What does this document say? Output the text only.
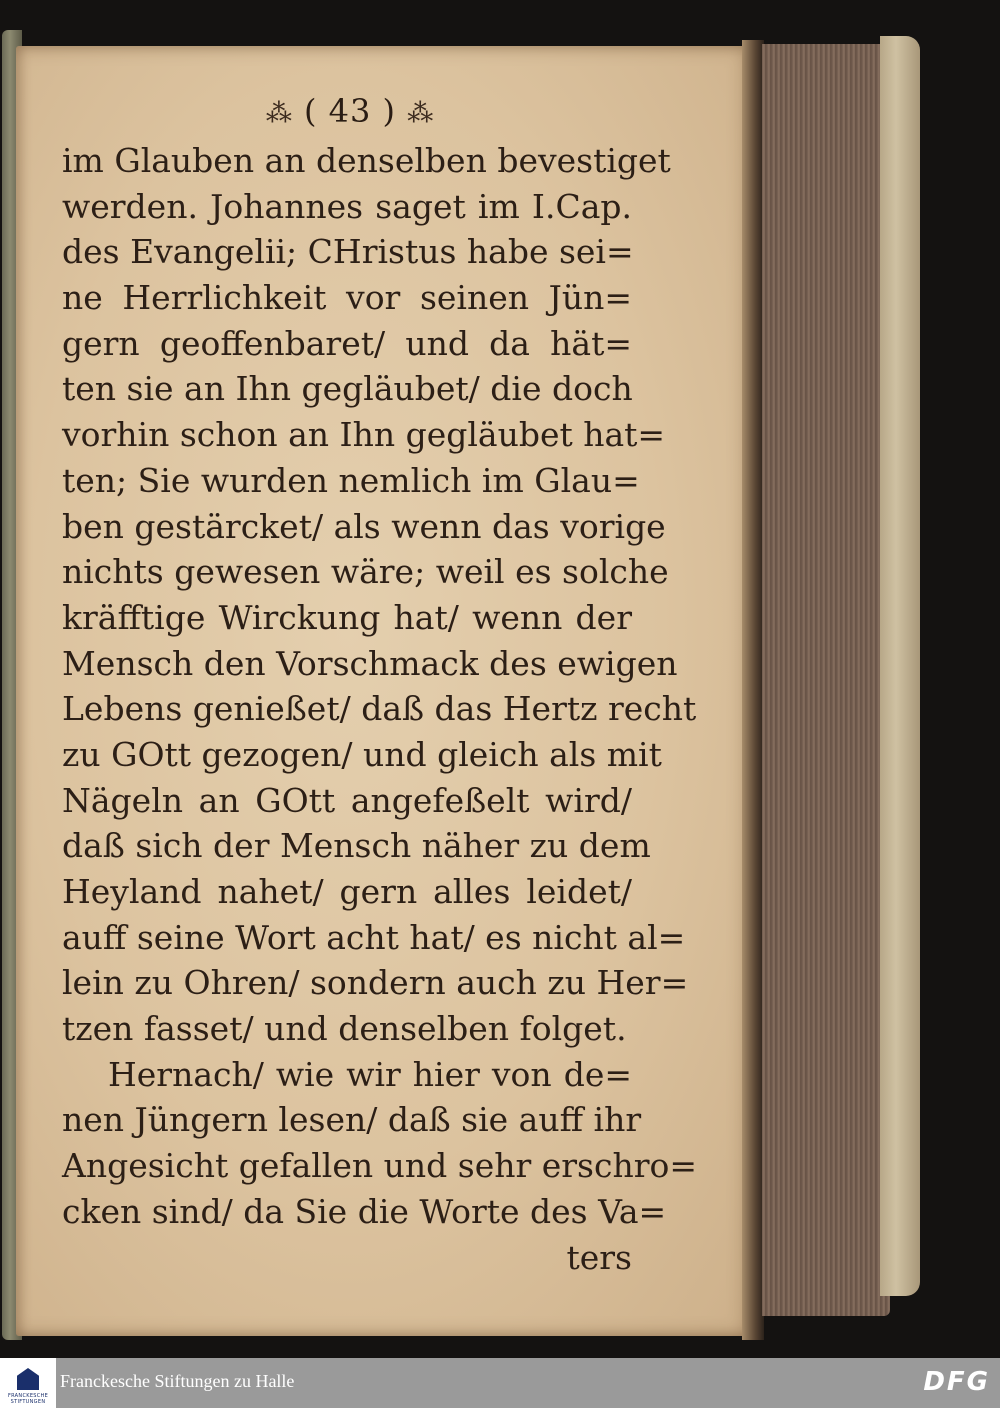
⁂ ( 43 ) ⁂
im Glauben an denselben bevestiget
werden. Johannes saget im I.Cap.
des Evangelii; CHristus habe sei=
ne Herrlichkeit vor seinen Jün=
gern geoffenbaret/ und da hät=
ten sie an Ihn gegläubet/ die doch
vorhin schon an Ihn gegläubet hat=
ten; Sie wurden nemlich im Glau=
ben gestärcket/ als wenn das vorige
nichts gewesen wäre; weil es solche
kräfftige Wirckung hat/ wenn der
Mensch den Vorschmack des ewigen
Lebens genießet/ daß das Hertz recht
zu GOtt gezogen/ und gleich als mit
Nägeln an GOtt angefeßelt wird/
daß sich der Mensch näher zu dem
Heyland nahet/ gern alles leidet/
auff seine Wort acht hat/ es nicht al=
lein zu Ohren/ sondern auch zu Her=
tzen fasset/ und denselben folget.
Hernach/ wie wir hier von de=
nen Jüngern lesen/ daß sie auff ihr
Angesicht gefallen und sehr erschro=
cken sind/ da Sie die Worte des Va=
ters
FRANCKESCHE STIFTUNGEN
Franckesche Stiftungen zu Halle	DFG
